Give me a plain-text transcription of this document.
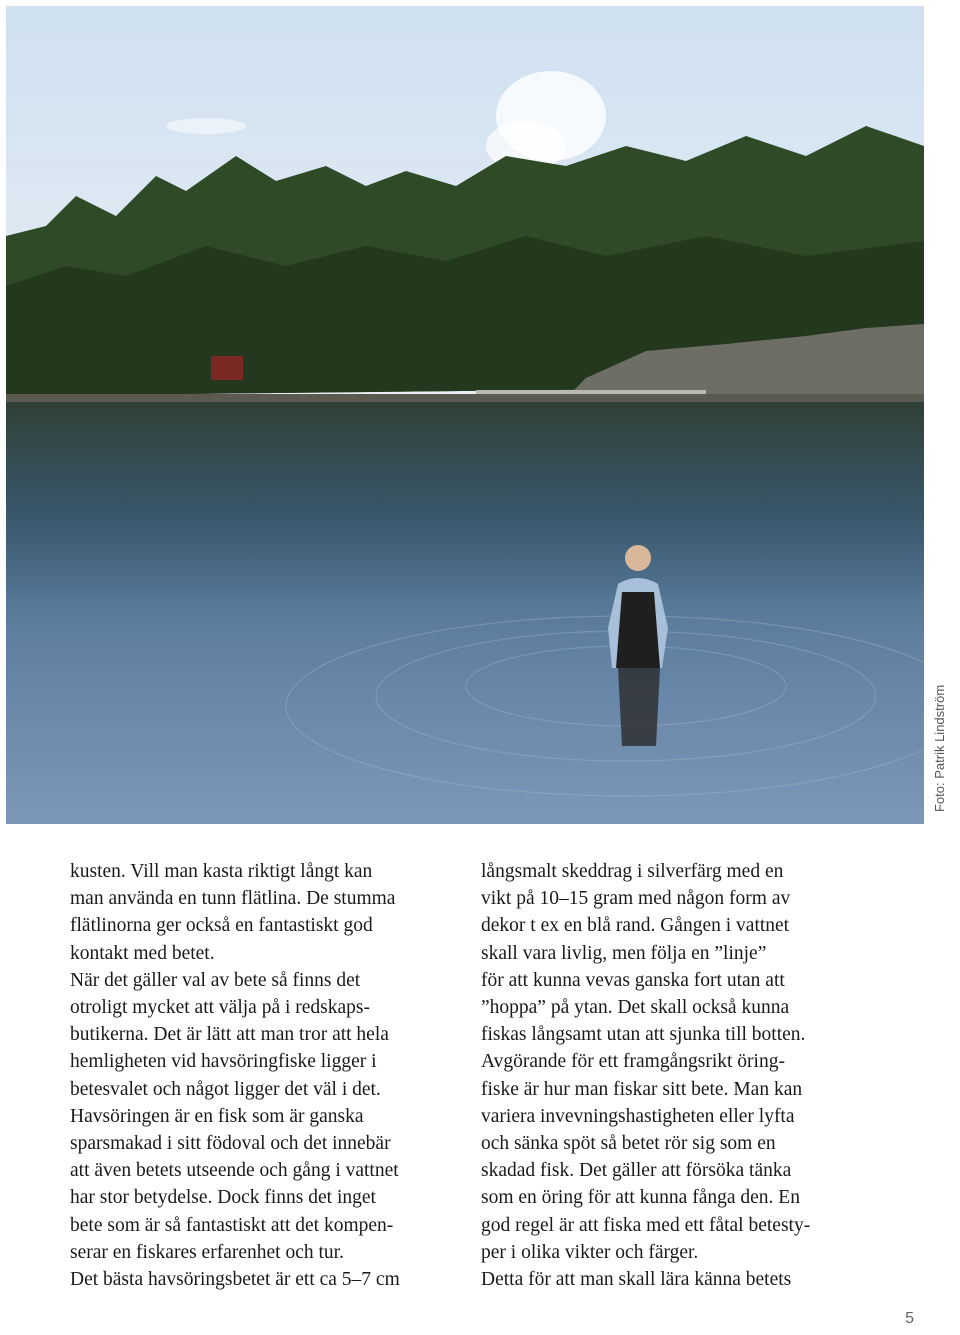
Foto: Patrik Lindström
kusten. Vill man kasta riktigt långt kan
man använda en tunn flätlina. De stumma
flätlinorna ger också en fantastiskt god
kontakt med betet.
När det gäller val av bete så finns det
otroligt mycket att välja på i redskaps-
butikerna. Det är lätt att man tror att hela
hemligheten vid havsöringfiske ligger i
betesvalet och något ligger det väl i det.
Havsöringen är en fisk som är ganska
sparsmakad i sitt födoval och det innebär
att även betets utseende och gång i vattnet
har stor betydelse. Dock finns det inget
bete som är så fantastiskt att det kompen-
serar en fiskares erfarenhet och tur.
Det bästa havsöringsbetet är ett ca 5–7 cm
långsmalt skeddrag i silverfärg med en
vikt på 10–15 gram med någon form av
dekor t ex en blå rand. Gången i vattnet
skall vara livlig, men följa en ”linje”
för att kunna vevas ganska fort utan att
”hoppa” på ytan. Det skall också kunna
fiskas långsamt utan att sjunka till botten.
Avgörande för ett framgångsrikt öring-
fiske är hur man fiskar sitt bete. Man kan
variera invevningshastigheten eller lyfta
och sänka spöt så betet rör sig som en
skadad fisk. Det gäller att försöka tänka
som en öring för att kunna fånga den. En
god regel är att fiska med ett fåtal betesty-
per i olika vikter och färger.
Detta för att man skall lära känna betets
5
